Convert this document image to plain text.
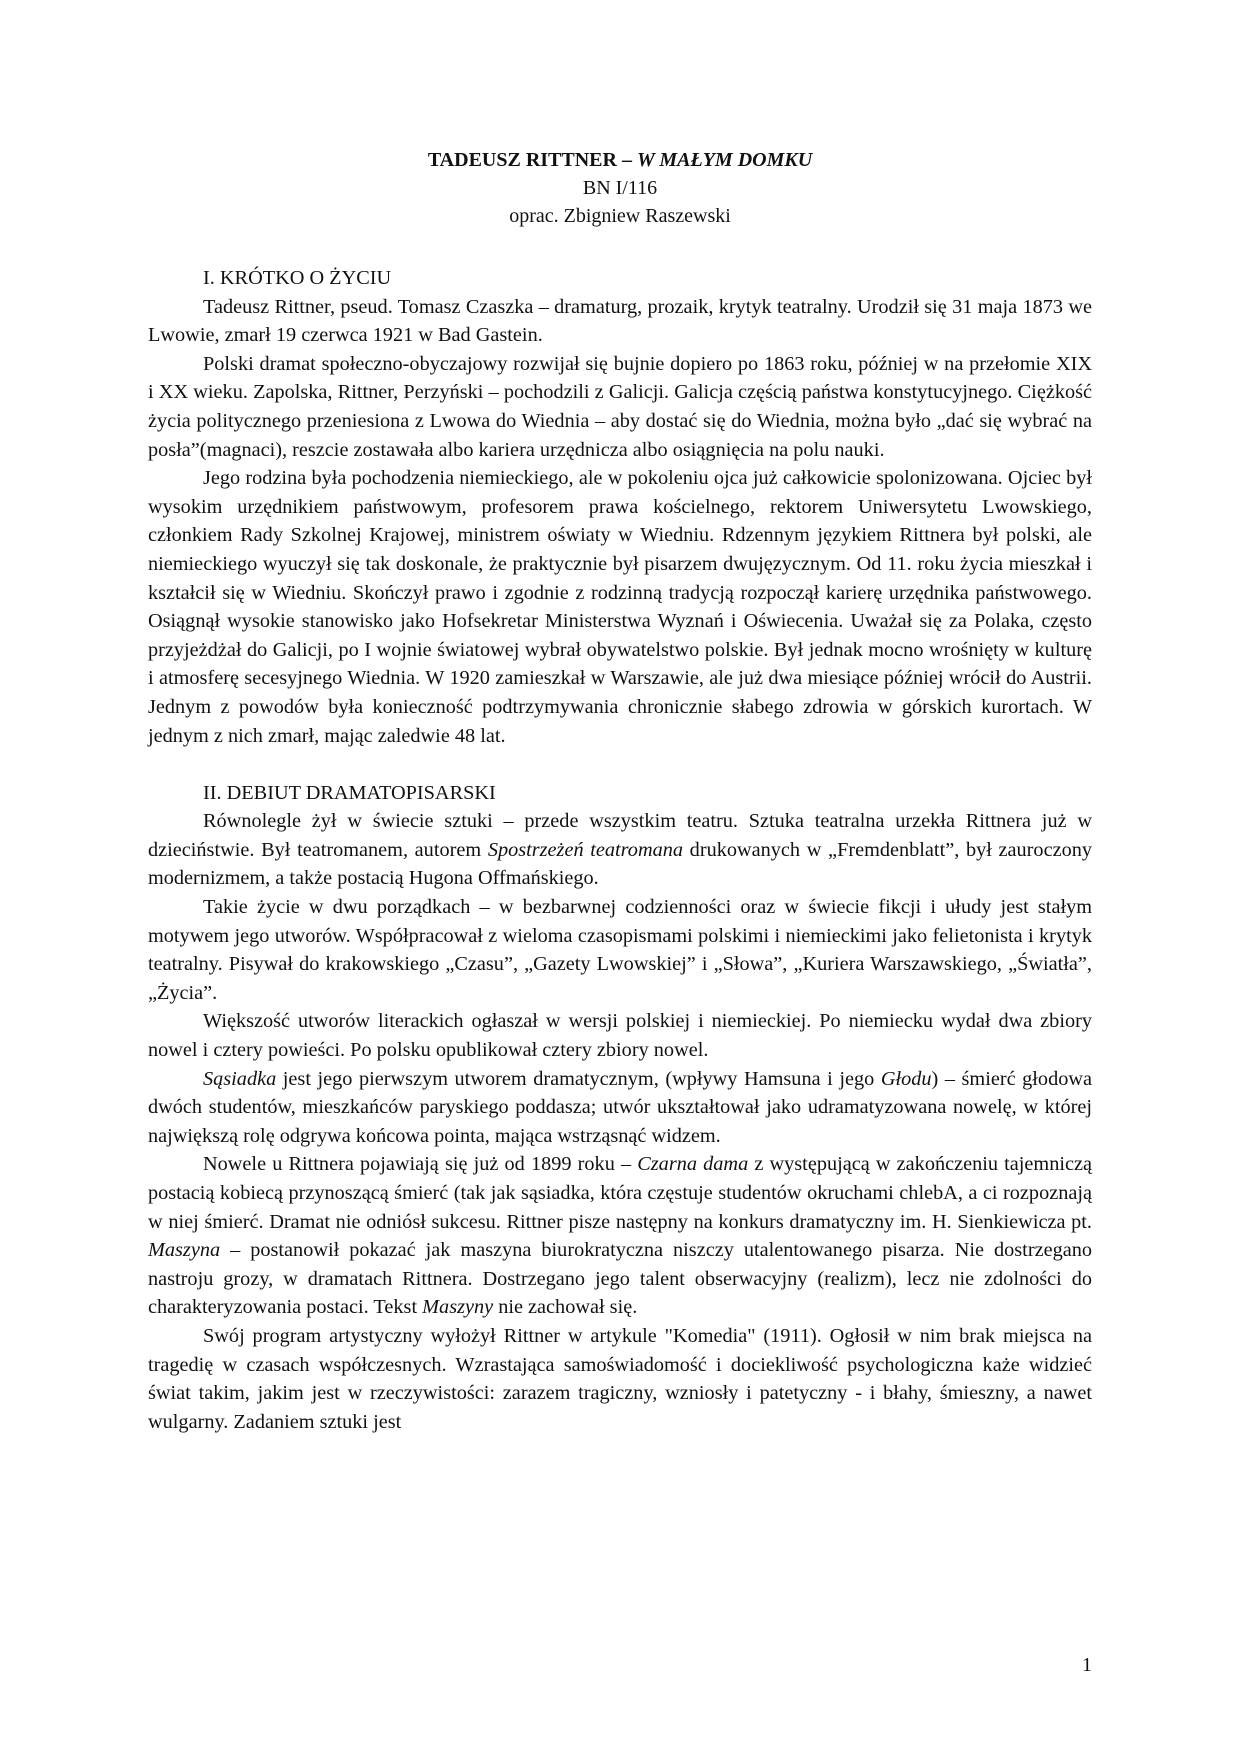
TADEUSZ RITTNER – W MAŁYM DOMKU
BN I/116
oprac. Zbigniew Raszewski
I. KRÓTKO O ŻYCIU

Tadeusz Rittner, pseud. Tomasz Czaszka – dramaturg, prozaik, krytyk teatralny. Urodził się 31 maja 1873 we Lwowie, zmarł 19 czerwca 1921 w Bad Gastein.

Polski dramat społeczno-obyczajowy rozwijał się bujnie dopiero po 1863 roku, później w na przełomie XIX i XX wieku. Zapolska, Rittner, Perzyński – pochodzili z Galicji. Galicja częścią państwa konstytucyjnego. Ciężkość życia politycznego przeniesiona z Lwowa do Wiednia – aby dostać się do Wiednia, można było „dać się wybrać na posła”(magnaci), reszcie zostawała albo kariera urzędnicza albo osiągnięcia na polu nauki.

Jego rodzina była pochodzenia niemieckiego, ale w pokoleniu ojca już całkowicie spolonizowana. Ojciec był wysokim urzędnikiem państwowym, profesorem prawa kościelnego, rektorem Uniwersytetu Lwowskiego, członkiem Rady Szkolnej Krajowej, ministrem oświaty w Wiedniu. Rdzennym językiem Rittnera był polski, ale niemieckiego wyuczył się tak doskonale, że praktycznie był pisarzem dwujęzycznym. Od 11. roku życia mieszkał i kształcił się w Wiedniu. Skończył prawo i zgodnie z rodzinną tradycją rozpoczął karierę urzędnika państwowego. Osiągnął wysokie stanowisko jako Hofsekretar Ministerstwa Wyznań i Oświecenia. Uważał się za Polaka, często przyjeżdżał do Galicji, po I wojnie światowej wybrał obywatelstwo polskie. Był jednak mocno wrośnięty w kulturę i atmosferę secesyjnego Wiednia. W 1920 zamieszkał w Warszawie, ale już dwa miesiące później wrócił do Austrii. Jednym z powodów była konieczność podtrzymywania chronicznie słabego zdrowia w górskich kurortach. W jednym z nich zmarł, mając zaledwie 48 lat.

II. DEBIUT DRAMATOPISARSKI

Równolegle żył w świecie sztuki – przede wszystkim teatru. Sztuka teatralna urzekła Rittnera już w dzieciństwie. Był teatromanem, autorem Spostrzeżeń teatromana drukowanych w „Fremdenblatt”, był zauroczony modernizmem, a także postacią Hugona Offmańskiego.

Takie życie w dwu porządkach – w bezbarwnej codzienności oraz w świecie fikcji i ułudy jest stałym motywem jego utworów. Współpracował z wieloma czasopismami polskimi i niemieckimi jako felietonista i krytyk teatralny. Pisywał do krakowskiego „Czasu”, „Gazety Lwowskiej” i „Słowa”, „Kuriera Warszawskiego, „Światła”, „Życia”.

Większość utworów literackich ogłaszał w wersji polskiej i niemieckiej. Po niemiecku wydał dwa zbiory nowel i cztery powieści. Po polsku opublikował cztery zbiory nowel.

Sąsiadka jest jego pierwszym utworem dramatycznym, (wpływy Hamsuna i jego Głodu) – śmierć głodowa dwóch studentów, mieszkańców paryskiego poddasza; utwór ukształtował jako udramatyzowana nowelę, w której największą rolę odgrywa końcowa pointa, mająca wstrząsnąć widzem.

Nowele u Rittnera pojawiają się już od 1899 roku – Czarna dama z występującą w zakończeniu tajemniczą postacią kobiecą przynoszącą śmierć (tak jak sąsiadka, która częstuje studentów okruchami chlebA, a ci rozpoznają w niej śmierć. Dramat nie odniósł sukcesu. Rittner pisze następny na konkurs dramatyczny im. H. Sienkiewicza pt. Maszyna – postanowił pokazać jak maszyna biurokratyczna niszczy utalentowanego pisarza. Nie dostrzegano nastroju grozy, w dramatach Rittnera. Dostrzegano jego talent obserwacyjny (realizm), lecz nie zdolności do charakteryzowania postaci. Tekst Maszyny nie zachował się.

Swój program artystyczny wyłożył Rittner w artykule "Komedia" (1911). Ogłosił w nim brak miejsca na tragedię w czasach współczesnych. Wzrastająca samoświadomość i dociekliwość psychologiczna każe widzieć świat takim, jakim jest w rzeczywistości: zarazem tragiczny, wzniosły i patetyczny - i błahy, śmieszny, a nawet wulgarny. Zadaniem sztuki jest

1
